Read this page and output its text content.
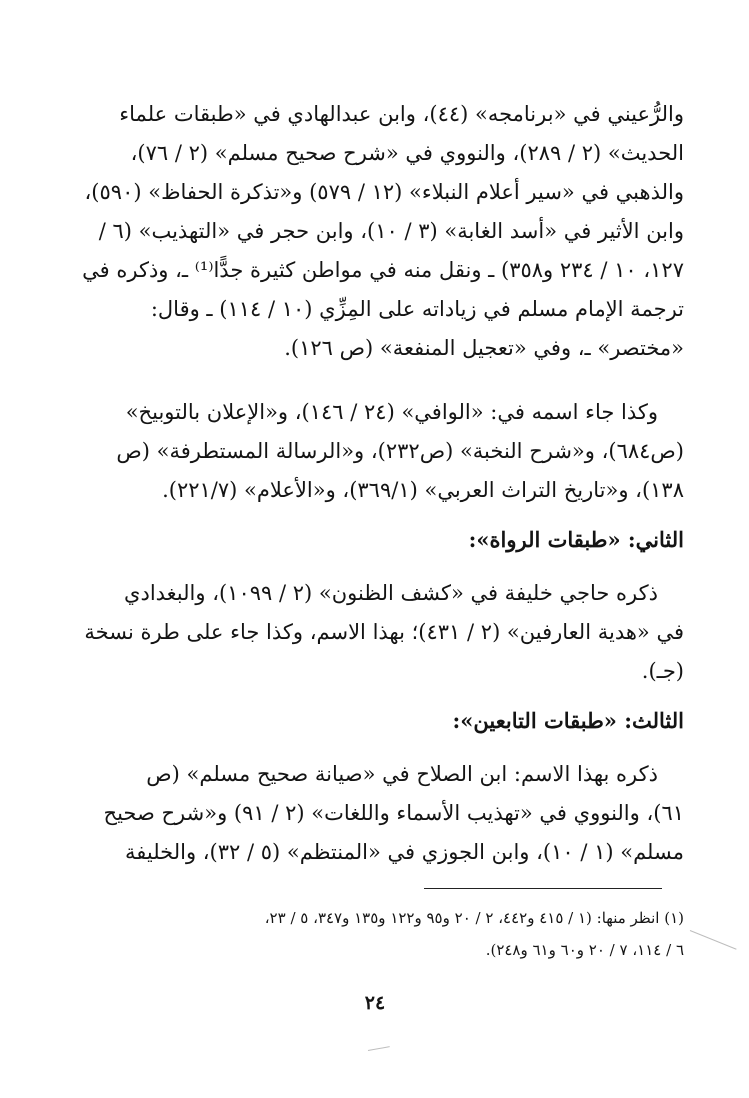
والرُّعيني في «برنامجه» (٤٤)، وابن عبدالهادي في «طبقات علماء
الحديث» (٢ / ٢٨٩)، والنووي في «شرح صحيح مسلم» (٢ / ٧٦)،
والذهبي في «سير أعلام النبلاء» (١٢ / ٥٧٩) و«تذكرة الحفاظ» (٥٩٠)،
وابن الأثير في «أسد الغابة» (٣ / ١٠)، وابن حجر في «التهذيب» (٦ /
١٢٧، ١٠ / ٢٣٤ و٣٥٨) ـ ونقل منه في مواطن كثيرة جدًّا⁽¹⁾ ـ، وذكره في
ترجمة الإمام مسلم في زياداته على المِزِّي (١٠ / ١١٤) ـ وقال:
«مختصر» ـ، وفي «تعجيل المنفعة» (ص ١٢٦).
وكذا جاء اسمه في: «الوافي» (٢٤ / ١٤٦)، و«الإعلان بالتوبيخ»
(ص٦٨٤)، و«شرح النخبة» (ص٢٣٢)، و«الرسالة المستطرفة» (ص
١٣٨)، و«تاريخ التراث العربي» (٣٦٩/١)، و«الأعلام» (٢٢١/٧).
الثاني: «طبقات الرواة»:
ذكره حاجي خليفة في «كشف الظنون» (٢ / ١٠٩٩)، والبغدادي
في «هدية العارفين» (٢ / ٤٣١)؛ بهذا الاسم، وكذا جاء على طرة نسخة
(جـ).
الثالث: «طبقات التابعين»:
ذكره بهذا الاسم: ابن الصلاح في «صيانة صحيح مسلم» (ص
٦١)، والنووي في «تهذيب الأسماء واللغات» (٢ / ٩١) و«شرح صحيح
مسلم» (١ / ١٠)، وابن الجوزي في «المنتظم» (٥ / ٣٢)، والخليفة
(١) انظر منها: (١ / ٤١٥ و٤٤٢، ٢ / ٢٠ و٩٥ و١٢٢ و١٣٥ و٣٤٧، ٥ / ٢٣،
٦ / ١١٤، ٧ / ٢٠ و٦٠ و٦١ و٢٤٨).
٢٤
